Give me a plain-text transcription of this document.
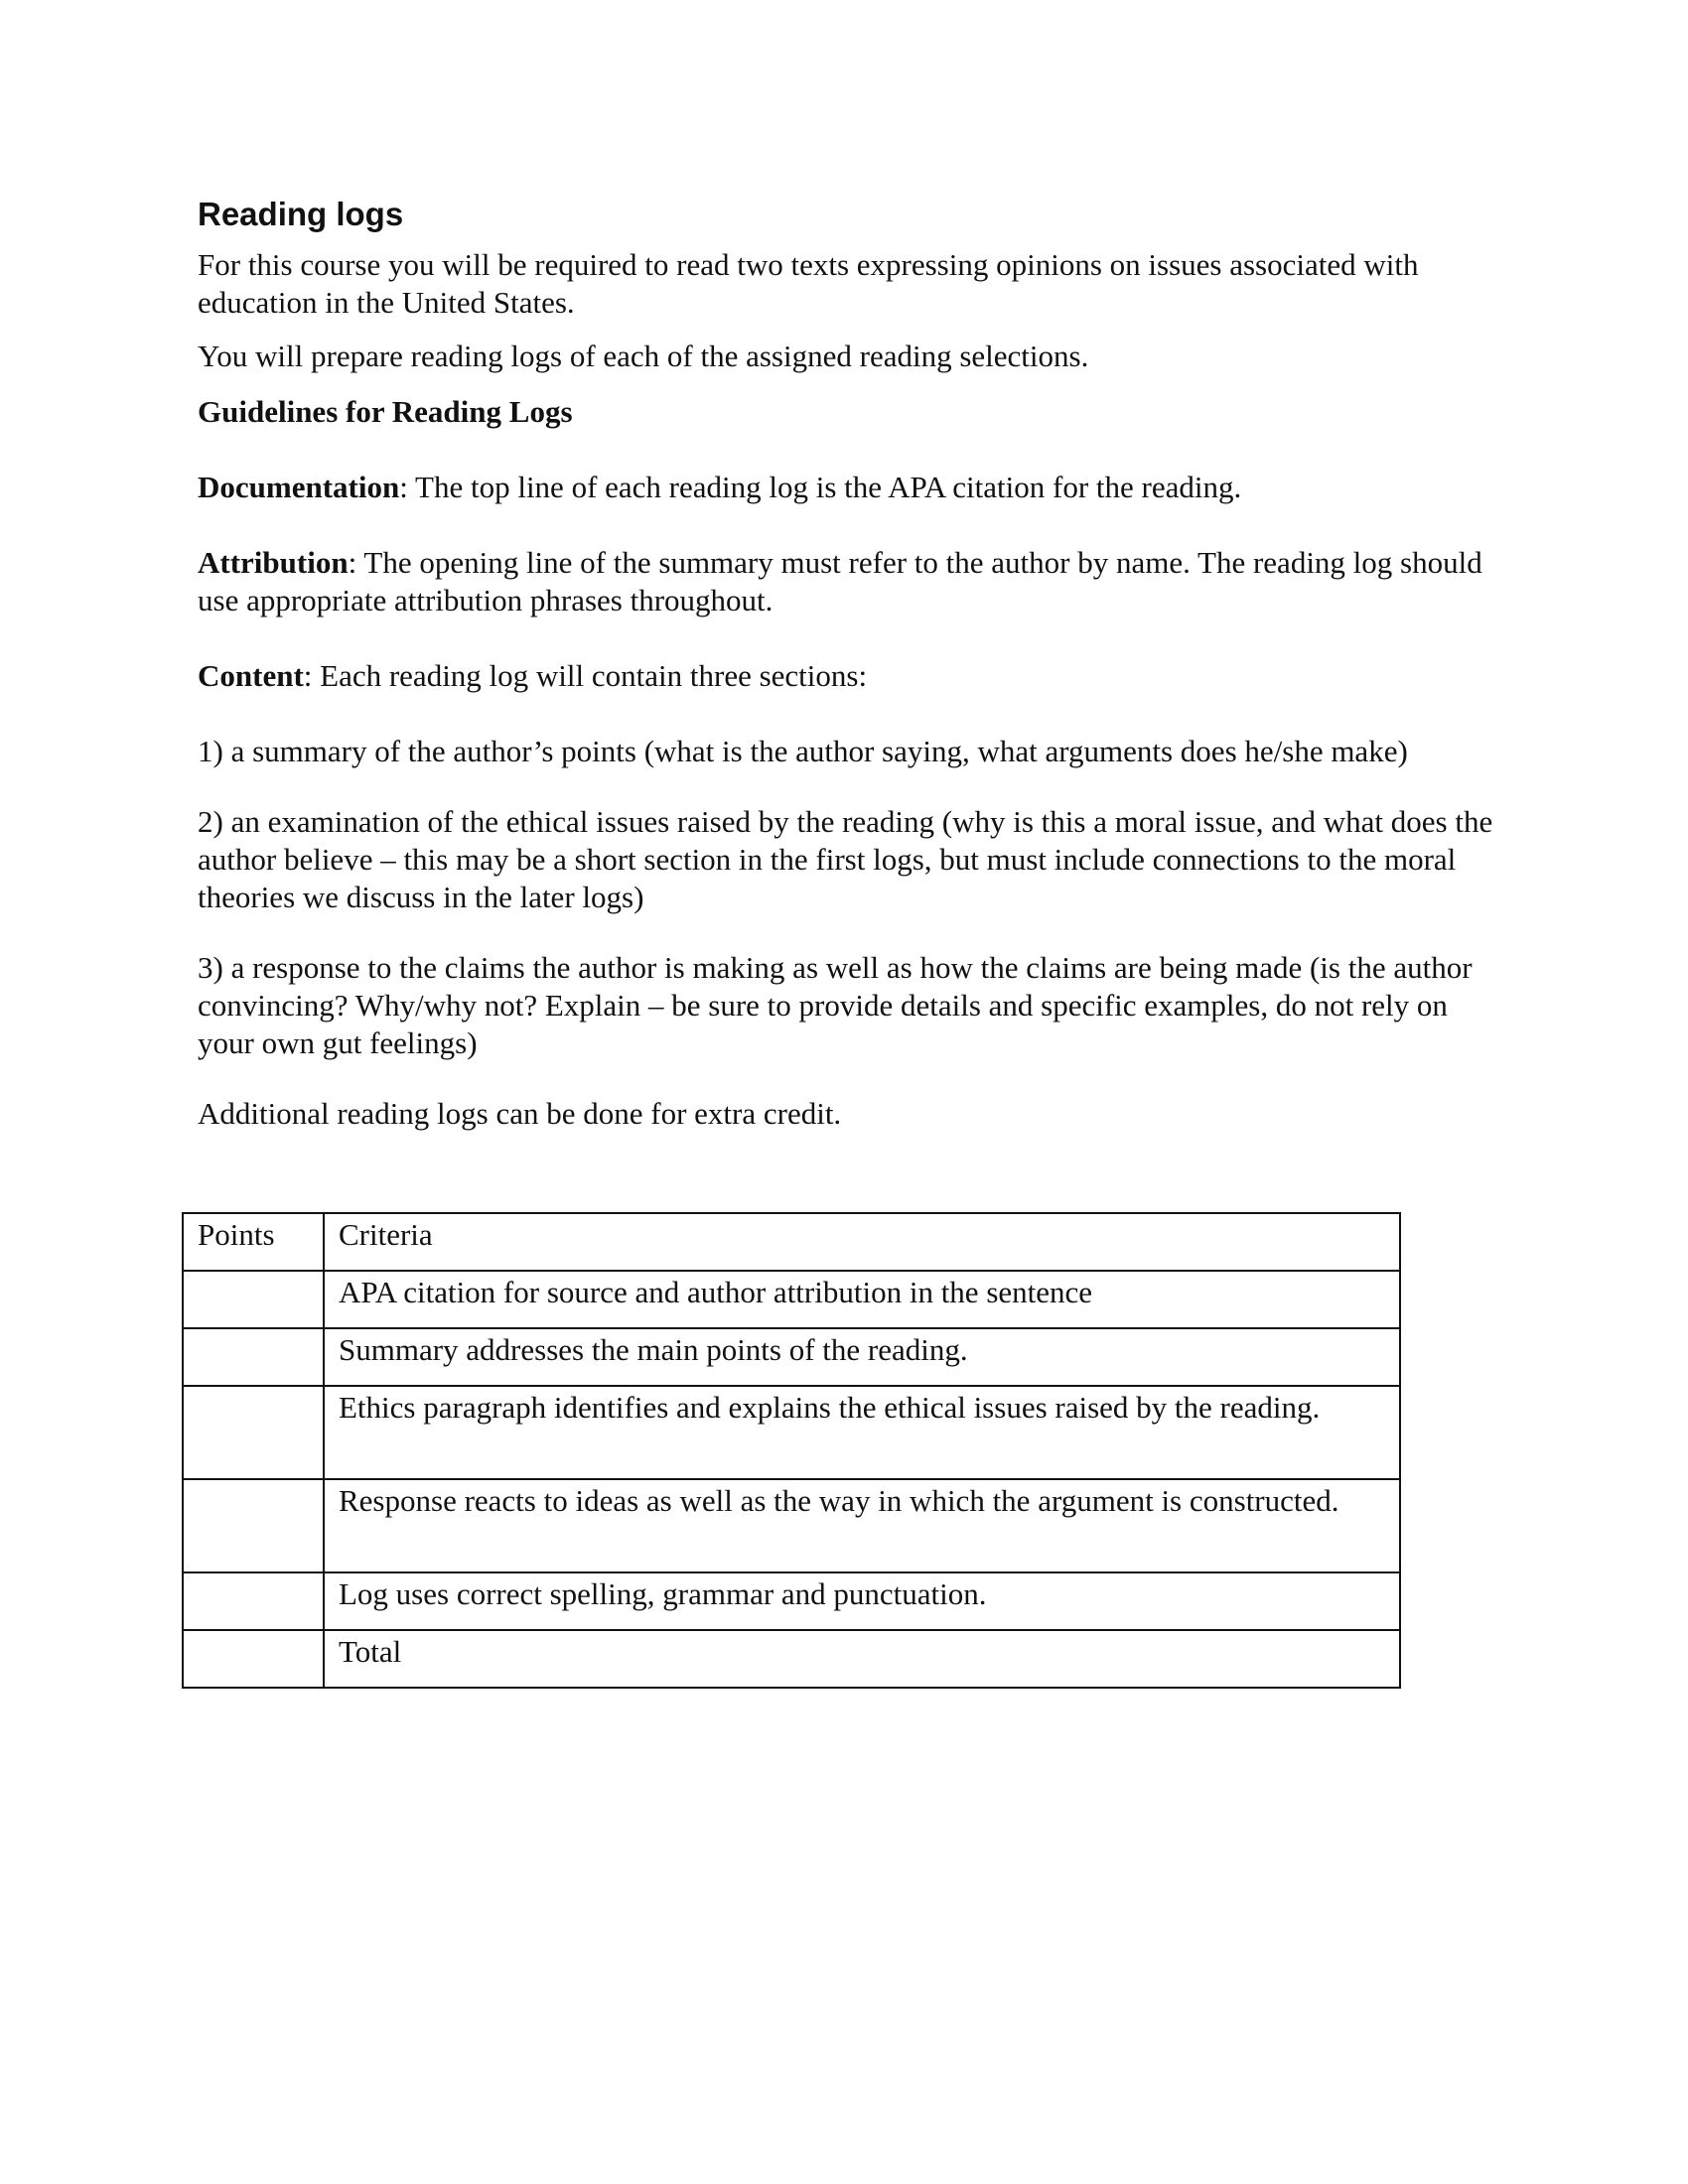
Reading logs

For this course you will be required to read two texts expressing opinions on issues associated with education in the United States.

You will prepare reading logs of each of the assigned reading selections.

Guidelines for Reading Logs

Documentation: The top line of each reading log is the APA citation for the reading.

Attribution: The opening line of the summary must refer to the author by name. The reading log should use appropriate attribution phrases throughout.

Content: Each reading log will contain three sections:

1) a summary of the author’s points (what is the author saying, what arguments does he/she make)

2) an examination of the ethical issues raised by the reading (why is this a moral issue, and what does the author believe – this may be a short section in the first logs, but must include connections to the moral theories we discuss in the later logs)

3) a response to the claims the author is making as well as how the claims are being made (is the author convincing? Why/why not? Explain – be sure to provide details and specific examples, do not rely on your own gut feelings)

Additional reading logs can be done for extra credit.

Points	Criteria
	APA citation for source and author attribution in the sentence
	Summary addresses the main points of the reading.
	Ethics paragraph identifies and explains the ethical issues raised by the reading.
	Response reacts to ideas as well as the way in which the argument is constructed.
	Log uses correct spelling, grammar and punctuation.
	Total
